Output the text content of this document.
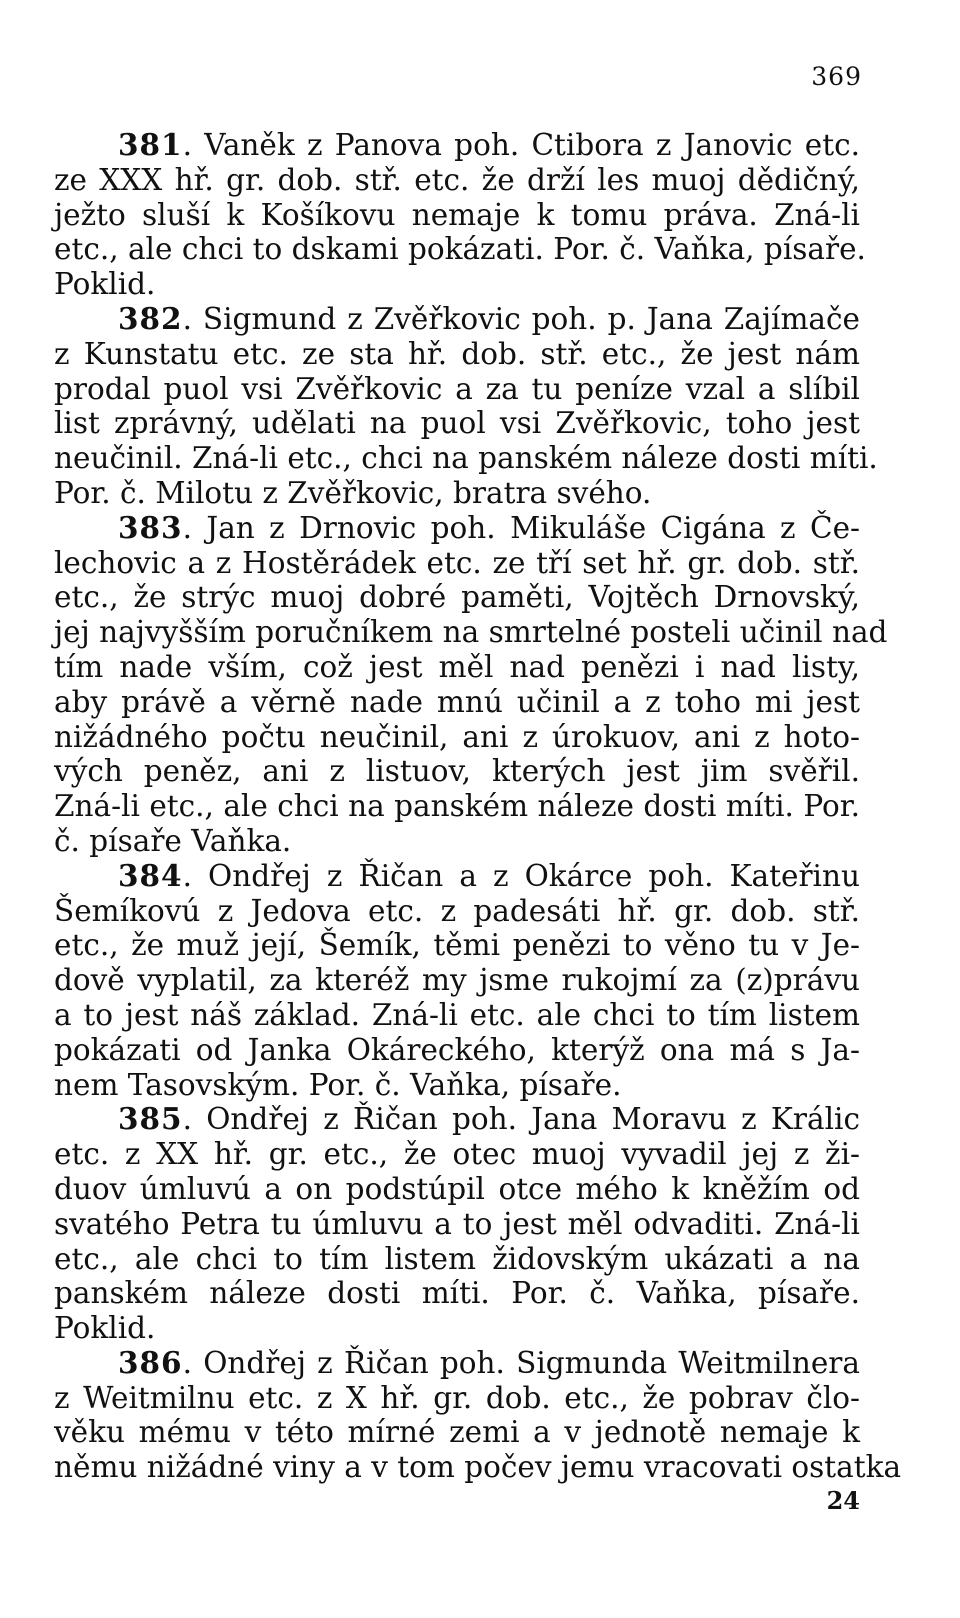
369
381. Vaněk z Panova poh. Ctibora z Janovic etc.
ze XXX hř. gr. dob. stř. etc. že drží les muoj dědičný,
ježto sluší k Košíkovu nemaje k tomu práva. Zná-li
etc., ale chci to dskami pokázati. Por. č. Vaňka, písaře.
Poklid.
382. Sigmund z Zvěřkovic poh. p. Jana Zajímače
z Kunstatu etc. ze sta hř. dob. stř. etc., že jest nám
prodal puol vsi Zvěřkovic a za tu peníze vzal a slíbil
list zprávný, udělati na puol vsi Zvěřkovic, toho jest
neučinil. Zná-li etc., chci na panském náleze dosti míti.
Por. č. Milotu z Zvěřkovic, bratra svého.
383. Jan z Drnovic poh. Mikuláše Cigána z Če-
lechovic a z Hostěrádek etc. ze tří set hř. gr. dob. stř.
etc., že strýc muoj dobré paměti, Vojtěch Drnovský,
jej najvyšším poručníkem na smrtelné posteli učinil nad
tím nade vším, což jest měl nad penězi i nad listy,
aby právě a věrně nade mnú učinil a z toho mi jest
nižádného počtu neučinil, ani z úrokuov, ani z hoto-
vých peněz, ani z listuov, kterých jest jim svěřil.
Zná-li etc., ale chci na panském náleze dosti míti. Por.
č. písaře Vaňka.
384. Ondřej z Řičan a z Okárce poh. Kateřinu
Šemíkovú z Jedova etc. z padesáti hř. gr. dob. stř.
etc., že muž její, Šemík, těmi penězi to věno tu v Je-
dově vyplatil, za kteréž my jsme rukojmí za (z)právu
a to jest náš základ. Zná-li etc. ale chci to tím listem
pokázati od Janka Okáreckého, kterýž ona má s Ja-
nem Tasovským. Por. č. Vaňka, písaře.
385. Ondřej z Řičan poh. Jana Moravu z Králic
etc. z XX hř. gr. etc., že otec muoj vyvadil jej z ži-
duov úmluvú a on podstúpil otce mého k kněžím od
svatého Petra tu úmluvu a to jest měl odvaditi. Zná-li
etc., ale chci to tím listem židovským ukázati a na
panském náleze dosti míti. Por. č. Vaňka, písaře.
Poklid.
386. Ondřej z Řičan poh. Sigmunda Weitmilnera
z Weitmilnu etc. z X hř. gr. dob. etc., že pobrav člo-
věku mému v této mírné zemi a v jednotě nemaje k
němu nižádné viny a v tom počev jemu vracovati ostatka
24
